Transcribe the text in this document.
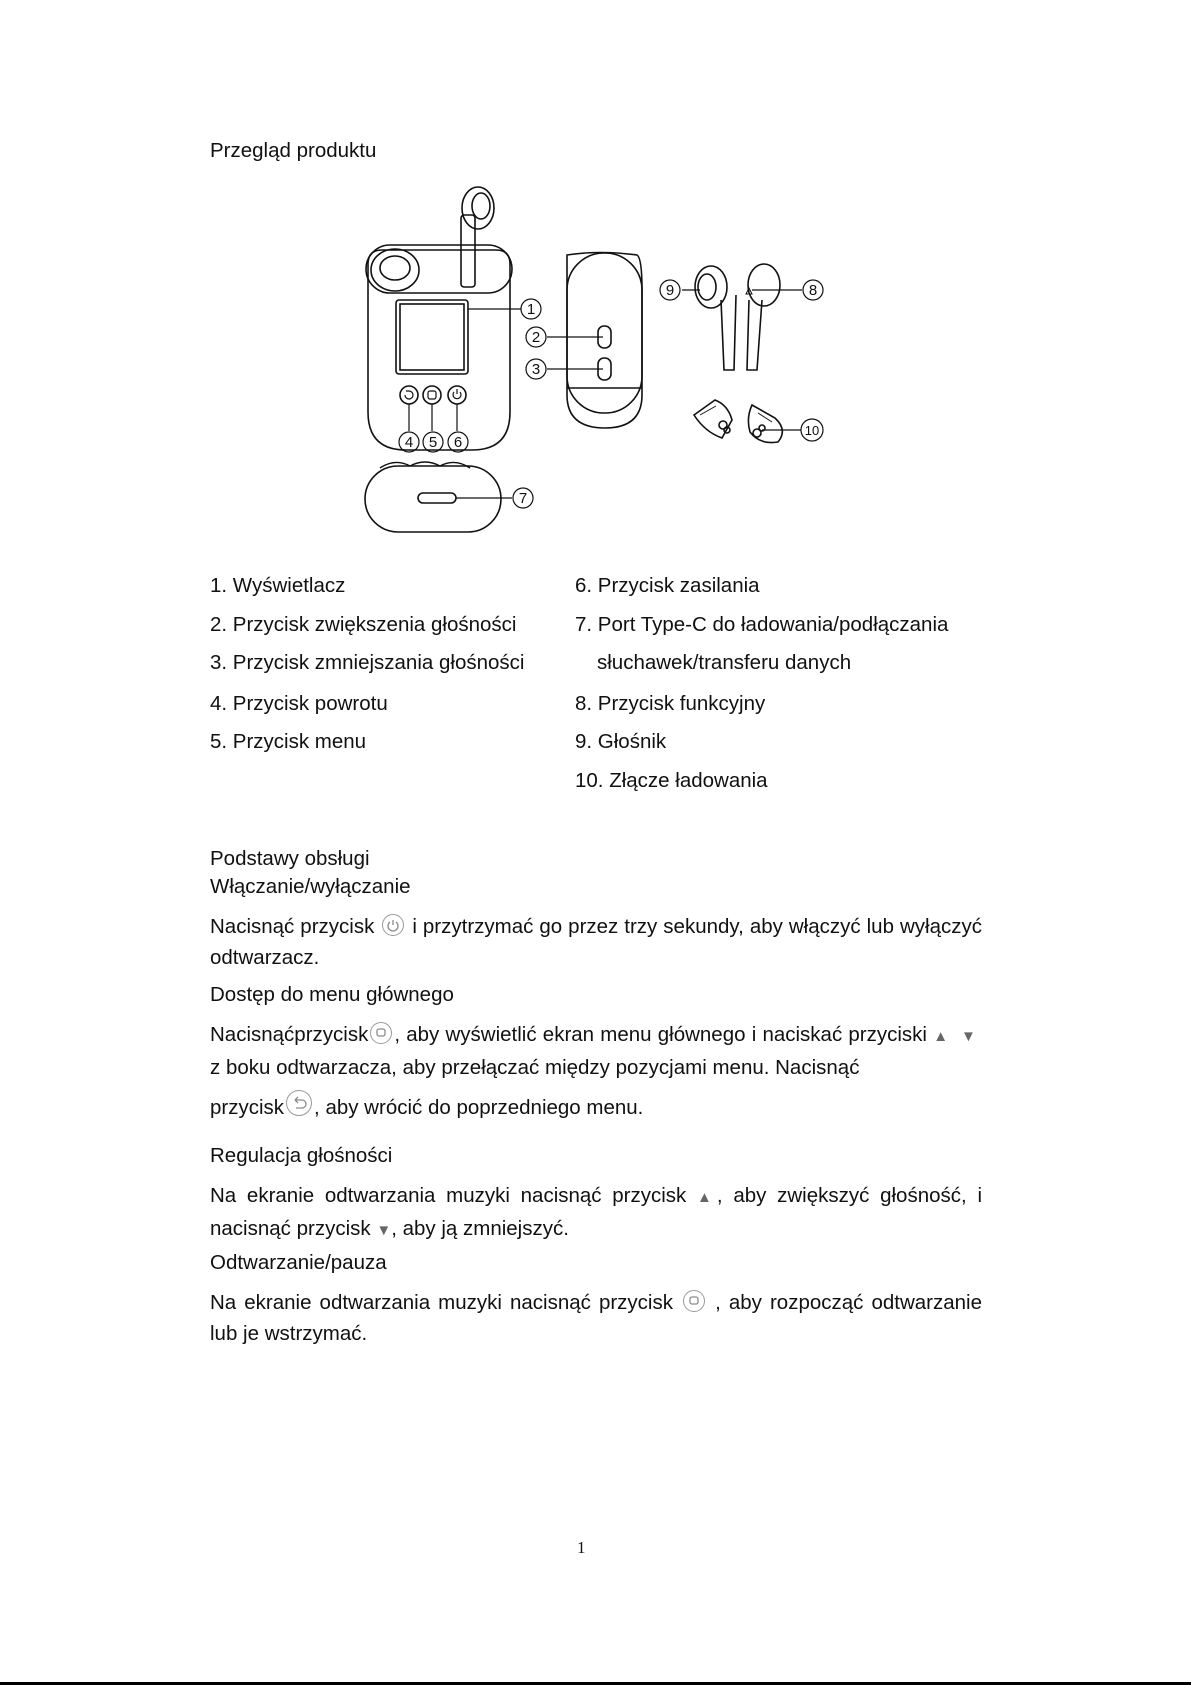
Przegląd produktu
1
2
3
4 5 6
7
8
9
10
1. Wyświetlacz
2. Przycisk zwiększenia głośności
3. Przycisk zmniejszania głośności
4. Przycisk powrotu
5. Przycisk menu
6. Przycisk zasilania
7. Port Type-C do ładowania/podłączania
słuchawek/transferu danych
8. Przycisk funkcyjny
9. Głośnik
10. Złącze ładowania
Podstawy obsługi
Włączanie/wyłączanie
Nacisnąć przycisk i przytrzymać go przez trzy sekundy, aby włączyć lub wyłączyć odtwarzacz.
Dostęp do menu głównego
Nacisnąćprzycisk , aby wyświetlić ekran menu głównego i naciskać przyciski ▲ ▼  z boku odtwarzacza, aby przełączać między pozycjami menu. Nacisnąć
przycisk , aby wrócić do poprzedniego menu.
Regulacja głośności
Na ekranie odtwarzania muzyki nacisnąć przycisk ▲, aby zwiększyć głośność, i nacisnąć przycisk ▼, aby ją zmniejszyć.
Odtwarzanie/pauza
Na ekranie odtwarzania muzyki nacisnąć przycisk , aby rozpocząć odtwarzanie lub je wstrzymać.
1
